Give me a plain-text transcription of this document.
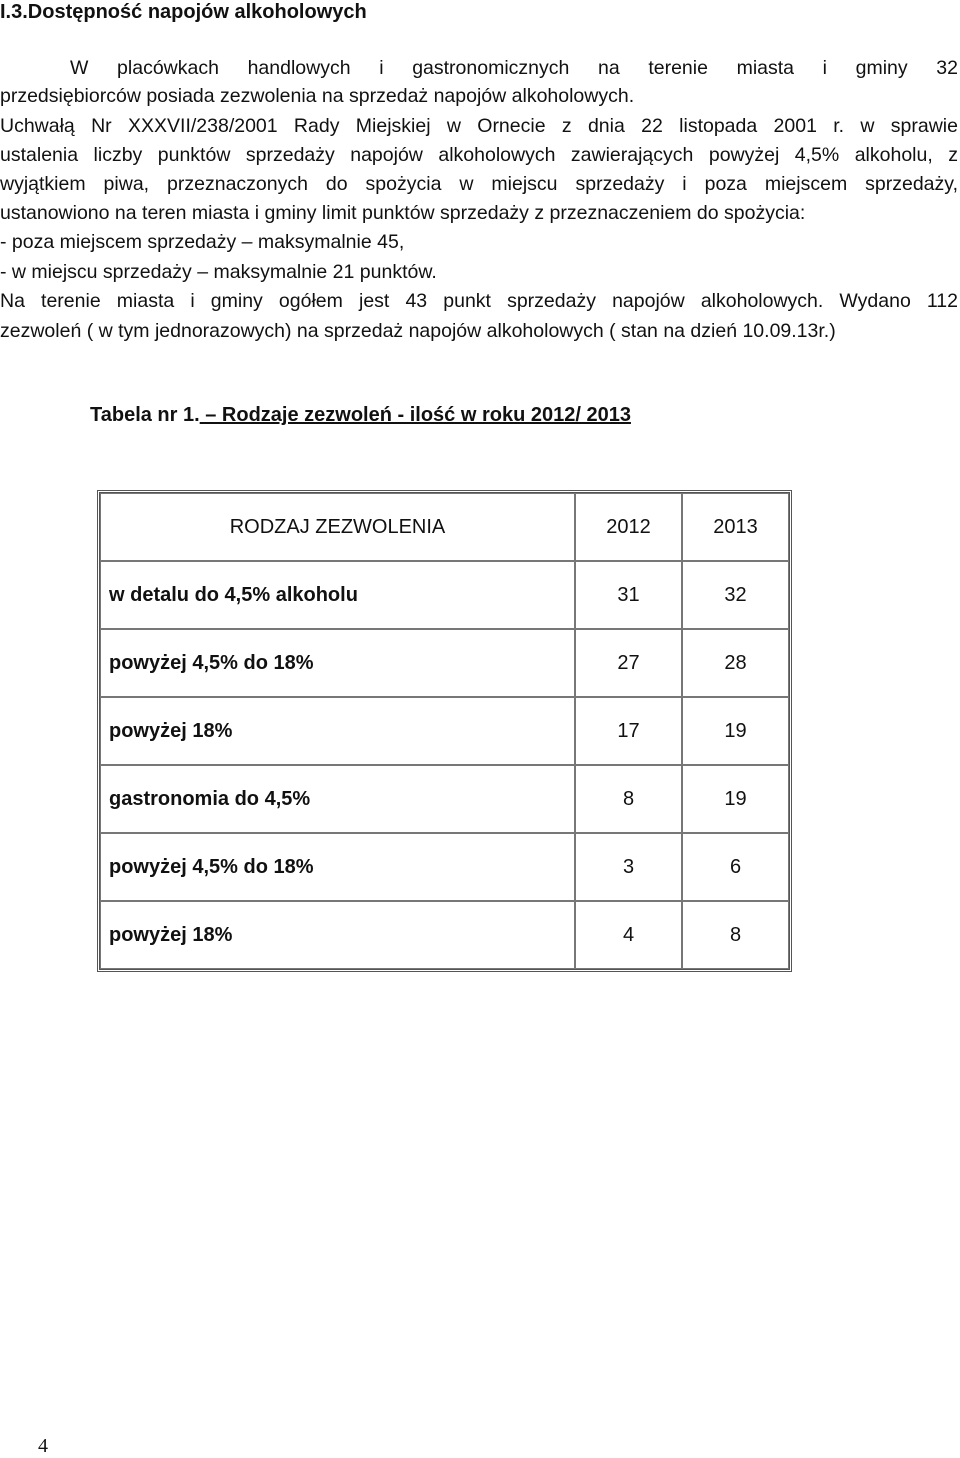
I.3.Dostępność napojów alkoholowych
W placówkach handlowych i gastronomicznych na terenie miasta i gminy 32
przedsiębiorców posiada zezwolenia na sprzedaż napojów alkoholowych.
Uchwałą Nr XXXVII/238/2001 Rady Miejskiej w Ornecie z dnia 22 listopada 2001 r. w sprawie
ustalenia liczby punktów sprzedaży napojów alkoholowych zawierających powyżej 4,5% alkoholu, z
wyjątkiem piwa, przeznaczonych do spożycia w miejscu sprzedaży i poza miejscem sprzedaży,
ustanowiono na teren miasta i gminy limit punktów sprzedaży z przeznaczeniem do spożycia:
- poza miejscem sprzedaży – maksymalnie 45,
- w miejscu sprzedaży – maksymalnie 21 punktów.
Na terenie miasta i gminy ogółem jest 43 punkt sprzedaży napojów alkoholowych. Wydano 112
zezwoleń ( w tym jednorazowych) na sprzedaż napojów alkoholowych ( stan na dzień 10.09.13r.)
Tabela nr 1. – Rodzaje zezwoleń - ilość w roku 2012/ 2013
RODZAJ ZEZWOLENIA	2012	2013
w detalu do 4,5% alkoholu	31	32
powyżej 4,5% do 18%	27	28
powyżej 18%	17	19
gastronomia do 4,5%	8	19
powyżej 4,5% do 18%	3	6
powyżej 18%	4	8
4
